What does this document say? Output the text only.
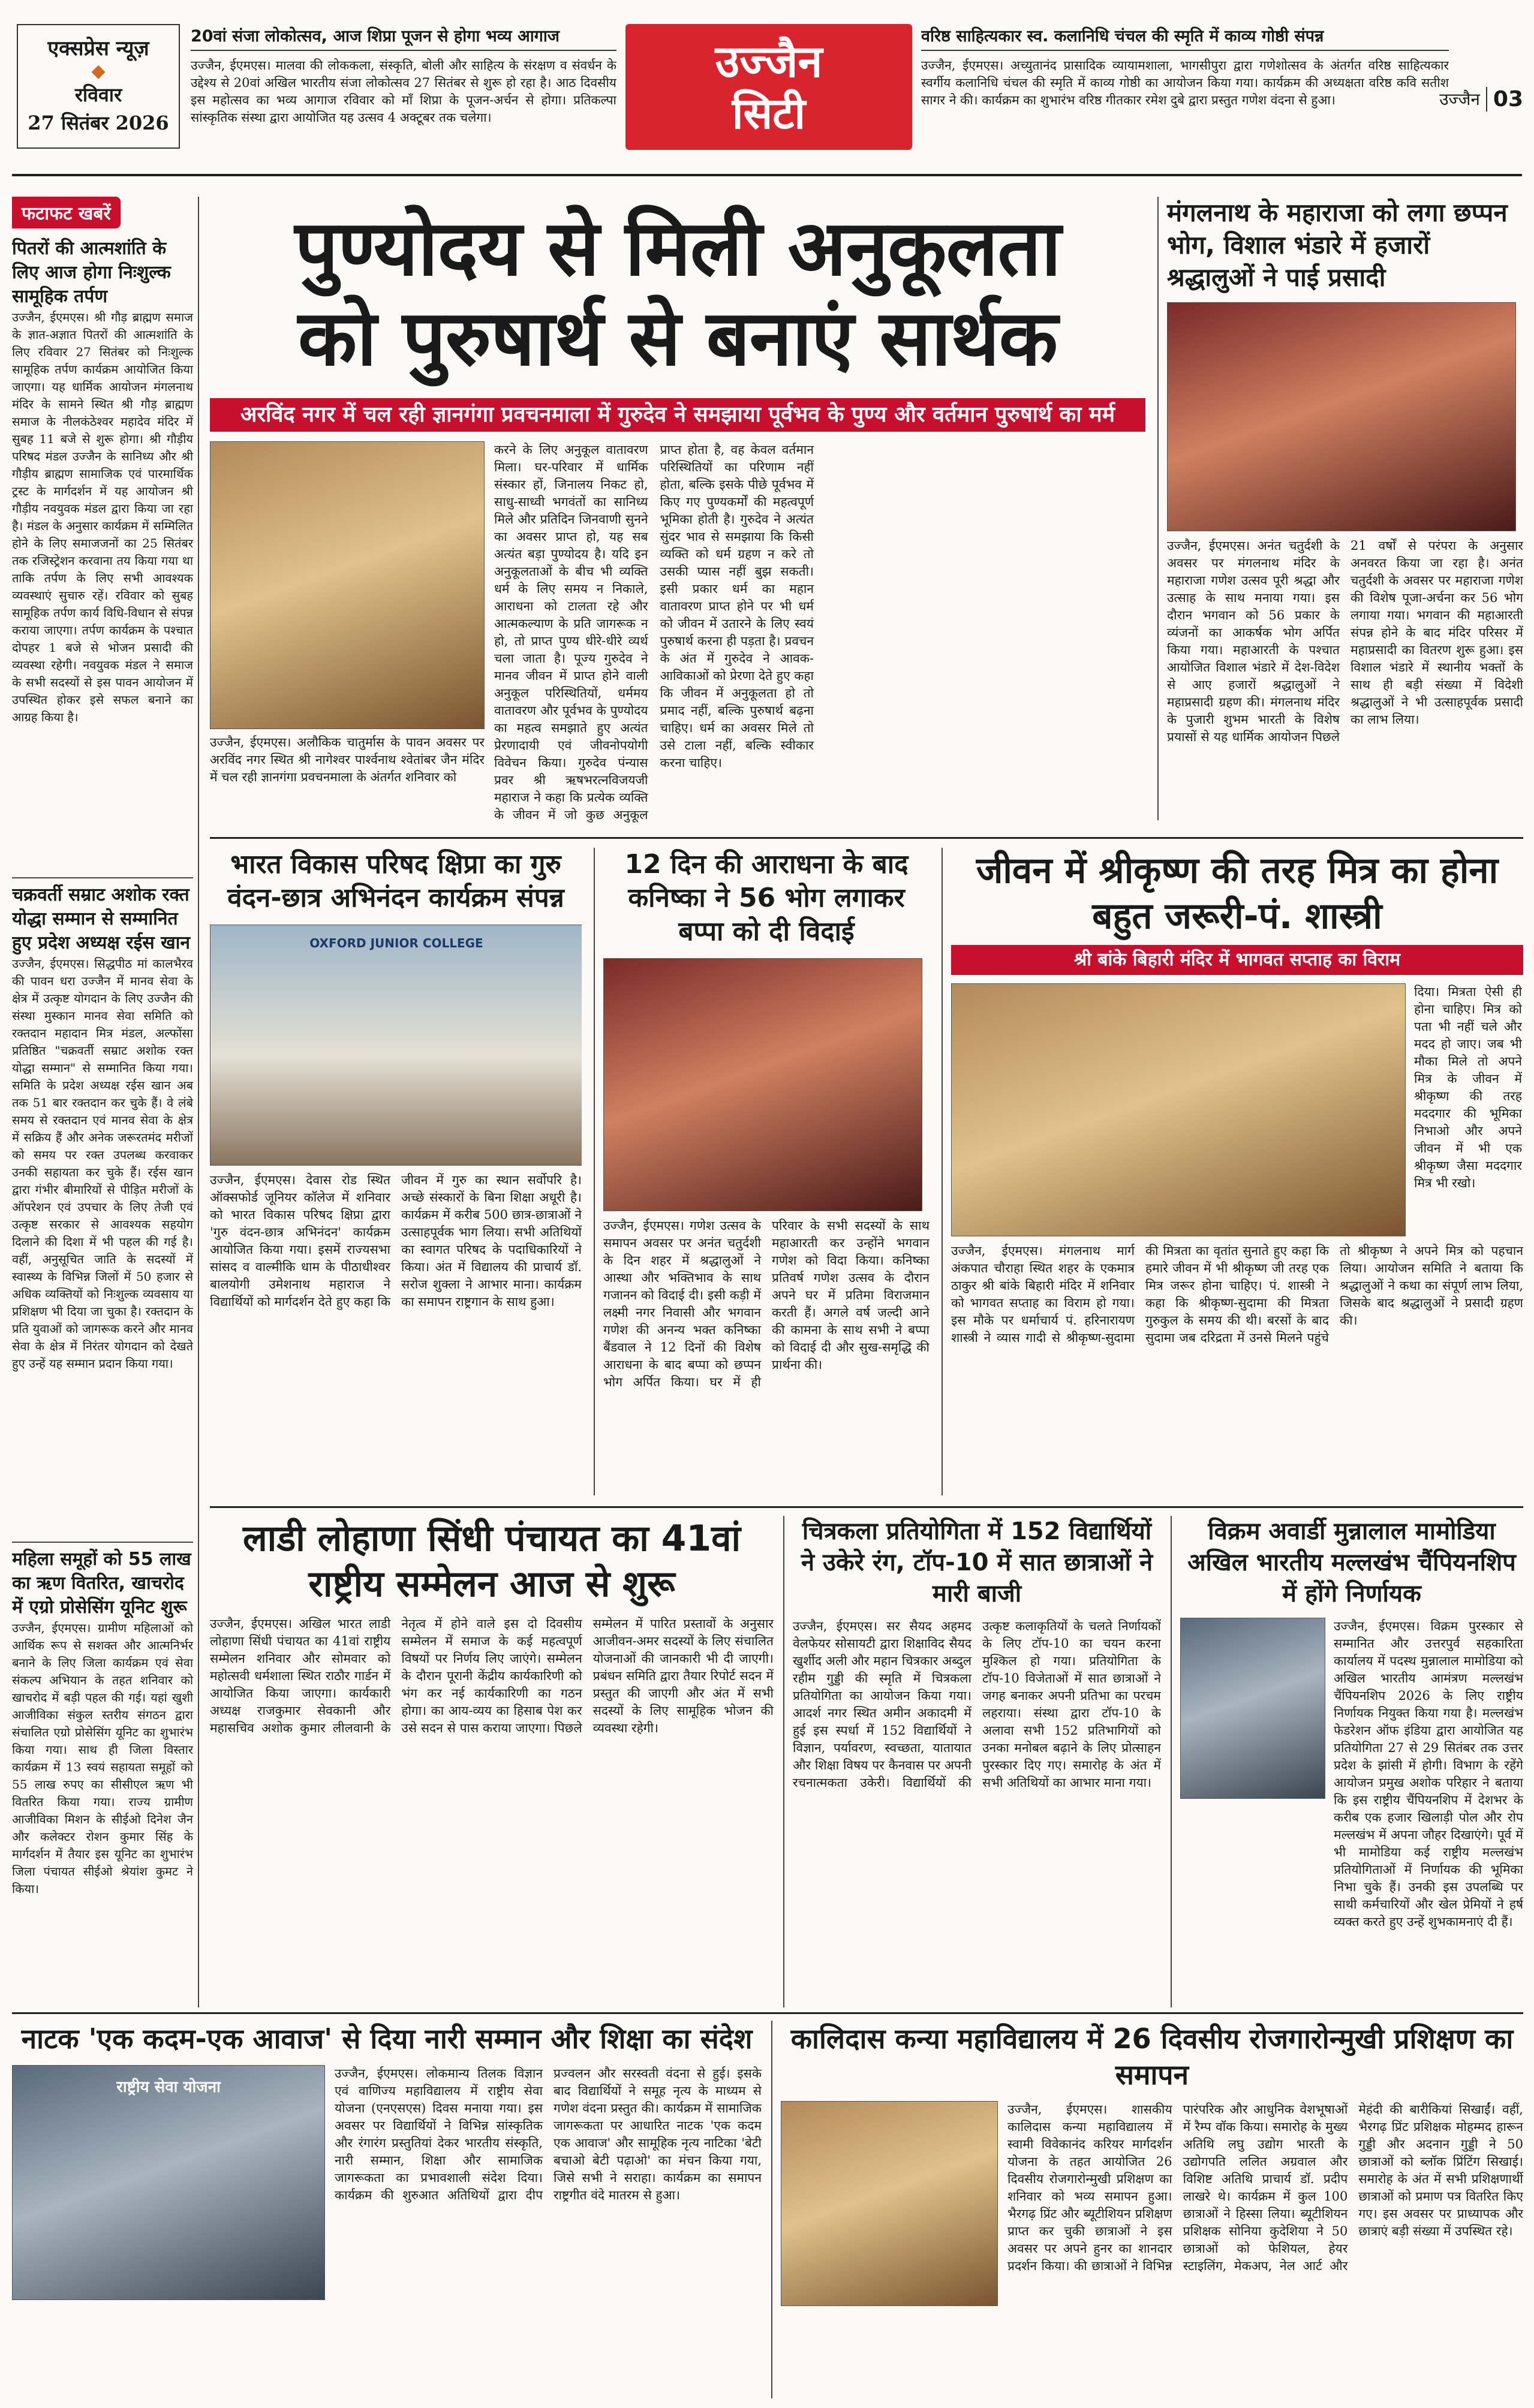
एक्सप्रेस न्यूज़
◆
रविवार
27 सितंबर 2026
20वां संजा लोकोत्सव, आज शिप्रा पूजन से होगा भव्य आगाज
उज्जैन, ईएमएस। मालवा की लोककला, संस्कृति, बोली और साहित्य के संरक्षण व संवर्धन के उद्देश्य से 20वां अखिल भारतीय संजा लोकोत्सव 27 सितंबर से शुरू हो रहा है। आठ दिवसीय इस महोत्सव का भव्य आगाज रविवार को माँ शिप्रा के पूजन-अर्चन से होगा। प्रतिकल्पा सांस्कृतिक संस्था द्वारा आयोजित यह उत्सव 4 अक्टूबर तक चलेगा।
उज्जैन
सिटी
वरिष्ठ साहित्यकार स्व. कलानिधि चंचल की स्मृति में काव्य गोष्ठी संपन्न
उज्जैन, ईएमएस। अच्युतानंद प्रासादिक व्यायामशाला, भागसीपुरा द्वारा गणेशोत्सव के अंतर्गत वरिष्ठ साहित्यकार स्वर्गीय कलानिधि चंचल की स्मृति में काव्य गोष्ठी का आयोजन किया गया। कार्यक्रम की अध्यक्षता वरिष्ठ कवि सतीश सागर ने की। कार्यक्रम का शुभारंभ वरिष्ठ गीतकार रमेश दुबे द्वारा प्रस्तुत गणेश वंदना से हुआ।	उज्जैन 03
फटाफट खबरें
पितरों की आत्मशांति के लिए आज होगा निःशुल्क सामूहिक तर्पण
उज्जैन, ईएमएस। श्री गौड़ ब्राह्मण समाज के ज्ञात-अज्ञात पितरों की आत्मशांति के लिए रविवार 27 सितंबर को निःशुल्क सामूहिक तर्पण कार्यक्रम आयोजित किया जाएगा। यह धार्मिक आयोजन मंगलनाथ मंदिर के सामने स्थित श्री गौड़ ब्राह्मण समाज के नीलकंठेश्वर महादेव मंदिर में सुबह 11 बजे से शुरू होगा। श्री गौड़ीय परिषद मंडल उज्जैन के सानिध्य और श्री गौड़ीय ब्राह्मण सामाजिक एवं पारमार्थिक ट्रस्ट के मार्गदर्शन में यह आयोजन श्री गौड़ीय नवयुवक मंडल द्वारा किया जा रहा है। मंडल के अनुसार कार्यक्रम में सम्मिलित होने के लिए समाजजनों का 25 सितंबर तक रजिस्ट्रेशन करवाना तय किया गया था ताकि तर्पण के लिए सभी आवश्यक व्यवस्थाएं सुचारु रहें। रविवार को सुबह सामूहिक तर्पण कार्य विधि-विधान से संपन्न कराया जाएगा। तर्पण कार्यक्रम के पश्चात दोपहर 1 बजे से भोजन प्रसादी की व्यवस्था रहेगी। नवयुवक मंडल ने समाज के सभी सदस्यों से इस पावन आयोजन में उपस्थित होकर इसे सफल बनाने का आग्रह किया है।
चक्रवर्ती सम्राट अशोक रक्त योद्धा सम्मान से सम्मानित हुए प्रदेश अध्यक्ष रईस खान
उज्जैन, ईएमएस। सिद्धपीठ मां कालभैरव की पावन धरा उज्जैन में मानव सेवा के क्षेत्र में उत्कृष्ट योगदान के लिए उज्जैन की संस्था मुस्कान मानव सेवा समिति को रक्तदान महादान मित्र मंडल, अल्फोंसा प्रतिष्ठित "चक्रवर्ती सम्राट अशोक रक्त योद्धा सम्मान" से सम्मानित किया गया। समिति के प्रदेश अध्यक्ष रईस खान अब तक 51 बार रक्तदान कर चुके हैं। वे लंबे समय से रक्तदान एवं मानव सेवा के क्षेत्र में सक्रिय हैं और अनेक जरूरतमंद मरीजों को समय पर रक्त उपलब्ध करवाकर उनकी सहायता कर चुके हैं। रईस खान द्वारा गंभीर बीमारियों से पीड़ित मरीजों के ऑपरेशन एवं उपचार के लिए तेजी एवं उत्कृष्ट सरकार से आवश्यक सहयोग दिलाने की दिशा में भी पहल की गई है। वहीं, अनुसूचित जाति के सदस्यों में स्वास्थ्य के विभिन्न जिलों में 50 हजार से अधिक व्यक्तियों को निःशुल्क व्यवसाय या प्रशिक्षण भी दिया जा चुका है। रक्तदान के प्रति युवाओं को जागरूक करने और मानव सेवा के क्षेत्र में निरंतर योगदान को देखते हुए उन्हें यह सम्मान प्रदान किया गया।
महिला समूहों को 55 लाख का ऋण वितरित, खाचरोद में एग्रो प्रोसेसिंग यूनिट शुरू
उज्जैन, ईएमएस। ग्रामीण महिलाओं को आर्थिक रूप से सशक्त और आत्मनिर्भर बनाने के लिए जिला कार्यक्रम एवं सेवा संकल्प अभियान के तहत शनिवार को खाचरोद में बड़ी पहल की गई। यहां खुशी आजीविका संकुल स्तरीय संगठन द्वारा संचालित एग्रो प्रोसेसिंग यूनिट का शुभारंभ किया गया। साथ ही जिला विस्तार कार्यक्रम में 13 स्वयं सहायता समूहों को 55 लाख रुपए का सीसीएल ऋण भी वितरित किया गया। राज्य ग्रामीण आजीविका मिशन के सीईओ दिनेश जैन और कलेक्टर रोशन कुमार सिंह के मार्गदर्शन में तैयार इस यूनिट का शुभारंभ जिला पंचायत सीईओ श्रेयांश कुमट ने किया।
पुण्योदय से मिली अनुकूलता
को पुरुषार्थ से बनाएं सार्थक
अरविंद नगर में चल रही ज्ञानगंगा प्रवचनमाला में गुरुदेव ने समझाया पूर्वभव के पुण्य और वर्तमान पुरुषार्थ का मर्म
उज्जैन, ईएमएस। अलौकिक चातुर्मास के पावन अवसर पर अरविंद नगर स्थित श्री नागेश्वर पार्श्वनाथ श्वेतांबर जैन मंदिर में चल रही ज्ञानगंगा प्रवचनमाला के अंतर्गत शनिवार को
करने के लिए अनुकूल वातावरण मिला। घर-परिवार में धार्मिक संस्कार हों, जिनालय निकट हो, साधु-साध्वी भगवंतों का सानिध्य मिले और प्रतिदिन जिनवाणी सुनने का अवसर प्राप्त हो, यह सब अत्यंत बड़ा पुण्योदय है। यदि इन अनुकूलताओं के बीच भी व्यक्ति धर्म के लिए समय न निकाले, आराधना को टालता रहे और आत्मकल्याण के प्रति जागरूक न हो, तो प्राप्त पुण्य धीरे-धीरे व्यर्थ चला जाता है। पूज्य गुरुदेव ने मानव जीवन में प्राप्त होने वाली अनुकूल परिस्थितियों, धर्ममय वातावरण और पूर्वभव के पुण्योदय का महत्व समझाते हुए अत्यंत प्रेरणादायी एवं जीवनोपयोगी विवेचन किया। गुरुदेव पंन्यास प्रवर श्री ऋषभरत्नविजयजी महाराज ने कहा कि प्रत्येक व्यक्ति के जीवन में जो कुछ अनुकूल प्राप्त होता है, वह केवल वर्तमान परिस्थितियों का परिणाम नहीं होता, बल्कि इसके पीछे पूर्वभव में किए गए पुण्यकर्मों की महत्वपूर्ण भूमिका होती है। गुरुदेव ने अत्यंत सुंदर भाव से समझाया कि किसी व्यक्ति को धर्म ग्रहण न करे तो उसकी प्यास नहीं बुझ सकती। इसी प्रकार धर्म का महान वातावरण प्राप्त होने पर भी धर्म को जीवन में उतारने के लिए स्वयं पुरुषार्थ करना ही पड़ता है। प्रवचन के अंत में गुरुदेव ने आवक-आविकाओं को प्रेरणा देते हुए कहा कि जीवन में अनुकूलता हो तो प्रमाद नहीं, बल्कि पुरुषार्थ बढ़ना चाहिए। धर्म का अवसर मिले तो उसे टाला नहीं, बल्कि स्वीकार करना चाहिए।
मंगलनाथ के महाराजा को लगा छप्पन भोग, विशाल भंडारे में हजारों श्रद्धालुओं ने पाई प्रसादी
उज्जैन, ईएमएस। अनंत चतुर्दशी के अवसर पर मंगलनाथ मंदिर के महाराजा गणेश उत्सव पूरी श्रद्धा और उत्साह के साथ मनाया गया। इस दौरान भगवान को 56 प्रकार के व्यंजनों का आकर्षक भोग अर्पित किया गया। महाआरती के पश्चात आयोजित विशाल भंडारे में देश-विदेश से आए हजारों श्रद्धालुओं ने महाप्रसादी ग्रहण की। मंगलनाथ मंदिर के पुजारी शुभम भारती के विशेष प्रयासों से यह धार्मिक आयोजन पिछले 21 वर्षों से परंपरा के अनुसार अनवरत किया जा रहा है। अनंत चतुर्दशी के अवसर पर महाराजा गणेश की विशेष पूजा-अर्चना कर 56 भोग लगाया गया। भगवान की महाआरती संपन्न होने के बाद मंदिर परिसर में महाप्रसादी का वितरण शुरू हुआ। इस विशाल भंडारे में स्थानीय भक्तों के साथ ही बड़ी संख्या में विदेशी श्रद्धालुओं ने भी उत्साहपूर्वक प्रसादी का लाभ लिया।
भारत विकास परिषद क्षिप्रा का गुरु वंदन-छात्र अभिनंदन कार्यक्रम संपन्न
OXFORD JUNIOR COLLEGE
उज्जैन, ईएमएस। देवास रोड स्थित ऑक्सफोर्ड जूनियर कॉलेज में शनिवार को भारत विकास परिषद क्षिप्रा द्वारा 'गुरु वंदन-छात्र अभिनंदन' कार्यक्रम आयोजित किया गया। इसमें राज्यसभा सांसद व वाल्मीकि धाम के पीठाधीश्वर बालयोगी उमेशनाथ महाराज ने विद्यार्थियों को मार्गदर्शन देते हुए कहा कि जीवन में गुरु का स्थान सर्वोपरि है। अच्छे संस्कारों के बिना शिक्षा अधूरी है। कार्यक्रम में करीब 500 छात्र-छात्राओं ने उत्साहपूर्वक भाग लिया। सभी अतिथियों का स्वागत परिषद के पदाधिकारियों ने किया। अंत में विद्यालय की प्राचार्य डॉ. सरोज शुक्ला ने आभार माना। कार्यक्रम का समापन राष्ट्रगान के साथ हुआ।
12 दिन की आराधना के बाद कनिष्का ने 56 भोग लगाकर बप्पा को दी विदाई
उज्जैन, ईएमएस। गणेश उत्सव के समापन अवसर पर अनंत चतुर्दशी के दिन शहर में श्रद्धालुओं ने आस्था और भक्तिभाव के साथ गजानन को विदाई दी। इसी कड़ी में लक्ष्मी नगर निवासी और भगवान गणेश की अनन्य भक्त कनिष्का बैंडवाल ने 12 दिनों की विशेष आराधना के बाद बप्पा को छप्पन भोग अर्पित किया। घर में ही परिवार के सभी सदस्यों के साथ महाआरती कर उन्होंने भगवान गणेश को विदा किया। कनिष्का प्रतिवर्ष गणेश उत्सव के दौरान अपने घर में प्रतिमा विराजमान करती हैं। अगले वर्ष जल्दी आने की कामना के साथ सभी ने बप्पा को विदाई दी और सुख-समृद्धि की प्रार्थना की।
जीवन में श्रीकृष्ण की तरह मित्र का होना बहुत जरूरी-पं. शास्त्री
श्री बांके बिहारी मंदिर में भागवत सप्ताह का विराम
दिया। मित्रता ऐसी ही होना चाहिए। मित्र को पता भी नहीं चले और मदद हो जाए। जब भी मौका मिले तो अपने मित्र के जीवन में श्रीकृष्ण की तरह मददगार की भूमिका निभाओ और अपने जीवन में भी एक श्रीकृष्ण जैसा मददगार मित्र भी रखो।
उज्जैन, ईएमएस। मंगलनाथ मार्ग अंकपात चौराहा स्थित शहर के एकमात्र ठाकुर श्री बांके बिहारी मंदिर में शनिवार को भागवत सप्ताह का विराम हो गया। इस मौके पर धर्माचार्य पं. हरिनारायण शास्त्री ने व्यास गादी से श्रीकृष्ण-सुदामा की मित्रता का वृतांत सुनाते हुए कहा कि हमारे जीवन में भी श्रीकृष्ण जी तरह एक मित्र जरूर होना चाहिए। पं. शास्त्री ने कहा कि श्रीकृष्ण-सुदामा की मित्रता गुरुकुल के समय की थी। बरसों के बाद सुदामा जब दरिद्रता में उनसे मिलने पहुंचे तो श्रीकृष्ण ने अपने मित्र को पहचान लिया। आयोजन समिति ने बताया कि श्रद्धालुओं ने कथा का संपूर्ण लाभ लिया, जिसके बाद श्रद्धालुओं ने प्रसादी ग्रहण की।
लाडी लोहाणा सिंधी पंचायत का 41वां राष्ट्रीय सम्मेलन आज से शुरू
उज्जैन, ईएमएस। अखिल भारत लाडी लोहाणा सिंधी पंचायत का 41वां राष्ट्रीय सम्मेलन शनिवार और सोमवार को महोत्सवी धर्मशाला स्थित राठौर गार्डन में आयोजित किया जाएगा। कार्यकारी अध्यक्ष राजकुमार सेवकानी और महासचिव अशोक कुमार लीलवानी के नेतृत्व में होने वाले इस दो दिवसीय सम्मेलन में समाज के कई महत्वपूर्ण विषयों पर निर्णय लिए जाएंगे। सम्मेलन के दौरान पूरानी केंद्रीय कार्यकारिणी को भंग कर नई कार्यकारिणी का गठन होगा। का आय-व्यय का हिसाब पेश कर उसे सदन से पास कराया जाएगा। पिछले सम्मेलन में पारित प्रस्तावों के अनुसार आजीवन-अमर सदस्यों के लिए संचालित योजनाओं की जानकारी भी दी जाएगी। प्रबंधन समिति द्वारा तैयार रिपोर्ट सदन में प्रस्तुत की जाएगी और अंत में सभी सदस्यों के लिए सामूहिक भोजन की व्यवस्था रहेगी।
चित्रकला प्रतियोगिता में 152 विद्यार्थियों ने उकेरे रंग, टॉप-10 में सात छात्राओं ने मारी बाजी
उज्जैन, ईएमएस। सर सैयद अहमद वेलफेयर सोसायटी द्वारा शिक्षाविद सैयद खुर्शीद अली और महान चित्रकार अब्दुल रहीम गुड्डी की स्मृति में चित्रकला प्रतियोगिता का आयोजन किया गया। आदर्श नगर स्थित अमीन अकादमी में हुई इस स्पर्धा में 152 विद्यार्थियों ने विज्ञान, पर्यावरण, स्वच्छता, यातायात और शिक्षा विषय पर कैनवास पर अपनी रचनात्मकता उकेरी। विद्यार्थियों की उत्कृष्ट कलाकृतियों के चलते निर्णायकों के लिए टॉप-10 का चयन करना मुश्किल हो गया। प्रतियोगिता के टॉप-10 विजेताओं में सात छात्राओं ने जगह बनाकर अपनी प्रतिभा का परचम लहराया। संस्था द्वारा टॉप-10 के अलावा सभी 152 प्रतिभागियों को उनका मनोबल बढ़ाने के लिए प्रोत्साहन पुरस्कार दिए गए। समारोह के अंत में सभी अतिथियों का आभार माना गया।
विक्रम अवार्डी मुन्नालाल मामोडिया अखिल भारतीय मल्लखंभ चैंपियनशिप में होंगे निर्णायक
उज्जैन, ईएमएस। विक्रम पुरस्कार से सम्मानित और उत्तरपुर्व सहकारिता कार्यालय में पदस्थ मुन्नालाल मामोडिया को अखिल भारतीय आमंत्रण मल्लखंभ चैंपियनशिप 2026 के लिए राष्ट्रीय निर्णायक नियुक्त किया गया है। मल्लखंभ फेडरेशन ऑफ इंडिया द्वारा आयोजित यह प्रतियोगिता 27 से 29 सितंबर तक उत्तर प्रदेश के झांसी में होगी। विभाग के रहेंगे आयोजन प्रमुख अशोक परिहार ने बताया कि इस राष्ट्रीय चैंपियनशिप में देशभर के करीब एक हजार खिलाड़ी पोल और रोप मल्लखंभ में अपना जौहर दिखाएंगे। पूर्व में भी मामोडिया कई राष्ट्रीय मल्लखंभ प्रतियोगिताओं में निर्णायक की भूमिका निभा चुके हैं। उनकी इस उपलब्धि पर साथी कर्मचारियों और खेल प्रेमियों ने हर्ष व्यक्त करते हुए उन्हें शुभकामनाएं दी हैं।
नाटक 'एक कदम-एक आवाज' से दिया नारी सम्मान और शिक्षा का संदेश
राष्ट्रीय सेवा योजना
उज्जैन, ईएमएस। लोकमान्य तिलक विज्ञान एवं वाणिज्य महाविद्यालय में राष्ट्रीय सेवा योजना (एनएसएस) दिवस मनाया गया। इस अवसर पर विद्यार्थियों ने विभिन्न सांस्कृतिक और रंगारंग प्रस्तुतियां देकर भारतीय संस्कृति, नारी सम्मान, शिक्षा और सामाजिक जागरूकता का प्रभावशाली संदेश दिया। कार्यक्रम की शुरुआत अतिथियों द्वारा दीप प्रज्वलन और सरस्वती वंदना से हुई। इसके बाद विद्यार्थियों ने समूह नृत्य के माध्यम से गणेश वंदना प्रस्तुत की। कार्यक्रम में सामाजिक जागरूकता पर आधारित नाटक 'एक कदम एक आवाज' और सामूहिक नृत्य नाटिका 'बेटी बचाओ बेटी पढ़ाओ' का मंचन किया गया, जिसे सभी ने सराहा। कार्यक्रम का समापन राष्ट्रगीत वंदे मातरम से हुआ।
कालिदास कन्या महाविद्यालय में 26 दिवसीय रोजगारोन्मुखी प्रशिक्षण का समापन
उज्जैन, ईएमएस। शासकीय कालिदास कन्या महाविद्यालय में स्वामी विवेकानंद करियर मार्गदर्शन योजना के तहत आयोजित 26 दिवसीय रोजगारोन्मुखी प्रशिक्षण का शनिवार को भव्य समापन हुआ। भैरगढ़ प्रिंट और ब्यूटीशियन प्रशिक्षण प्राप्त कर चुकी छात्राओं ने इस अवसर पर अपने हुनर का शानदार प्रदर्शन किया। की छात्राओं ने विभिन्न पारंपरिक और आधुनिक वेशभूषाओं में रैम्प वॉक किया। समारोह के मुख्य अतिथि लघु उद्योग भारती के उद्योगपति ललित अग्रवाल और विशिष्ट अतिथि प्राचार्य डॉ. प्रदीप लाखरे थे। कार्यक्रम में कुल 100 छात्राओं ने हिस्सा लिया। ब्यूटीशियन प्रशिक्षक सोनिया कुदेशिया ने 50 छात्राओं को फेशियल, हेयर स्टाइलिंग, मेकअप, नेल आर्ट और मेहंदी की बारीकियां सिखाईं। वहीं, भैरगढ़ प्रिंट प्रशिक्षक मोहम्मद हारून गुड्डी और अदनान गुड्डी ने 50 छात्राओं को ब्लॉक प्रिंटिंग सिखाई। समारोह के अंत में सभी प्रशिक्षणार्थी छात्राओं को प्रमाण पत्र वितरित किए गए। इस अवसर पर प्राध्यापक और छात्राएं बड़ी संख्या में उपस्थित रहे।
